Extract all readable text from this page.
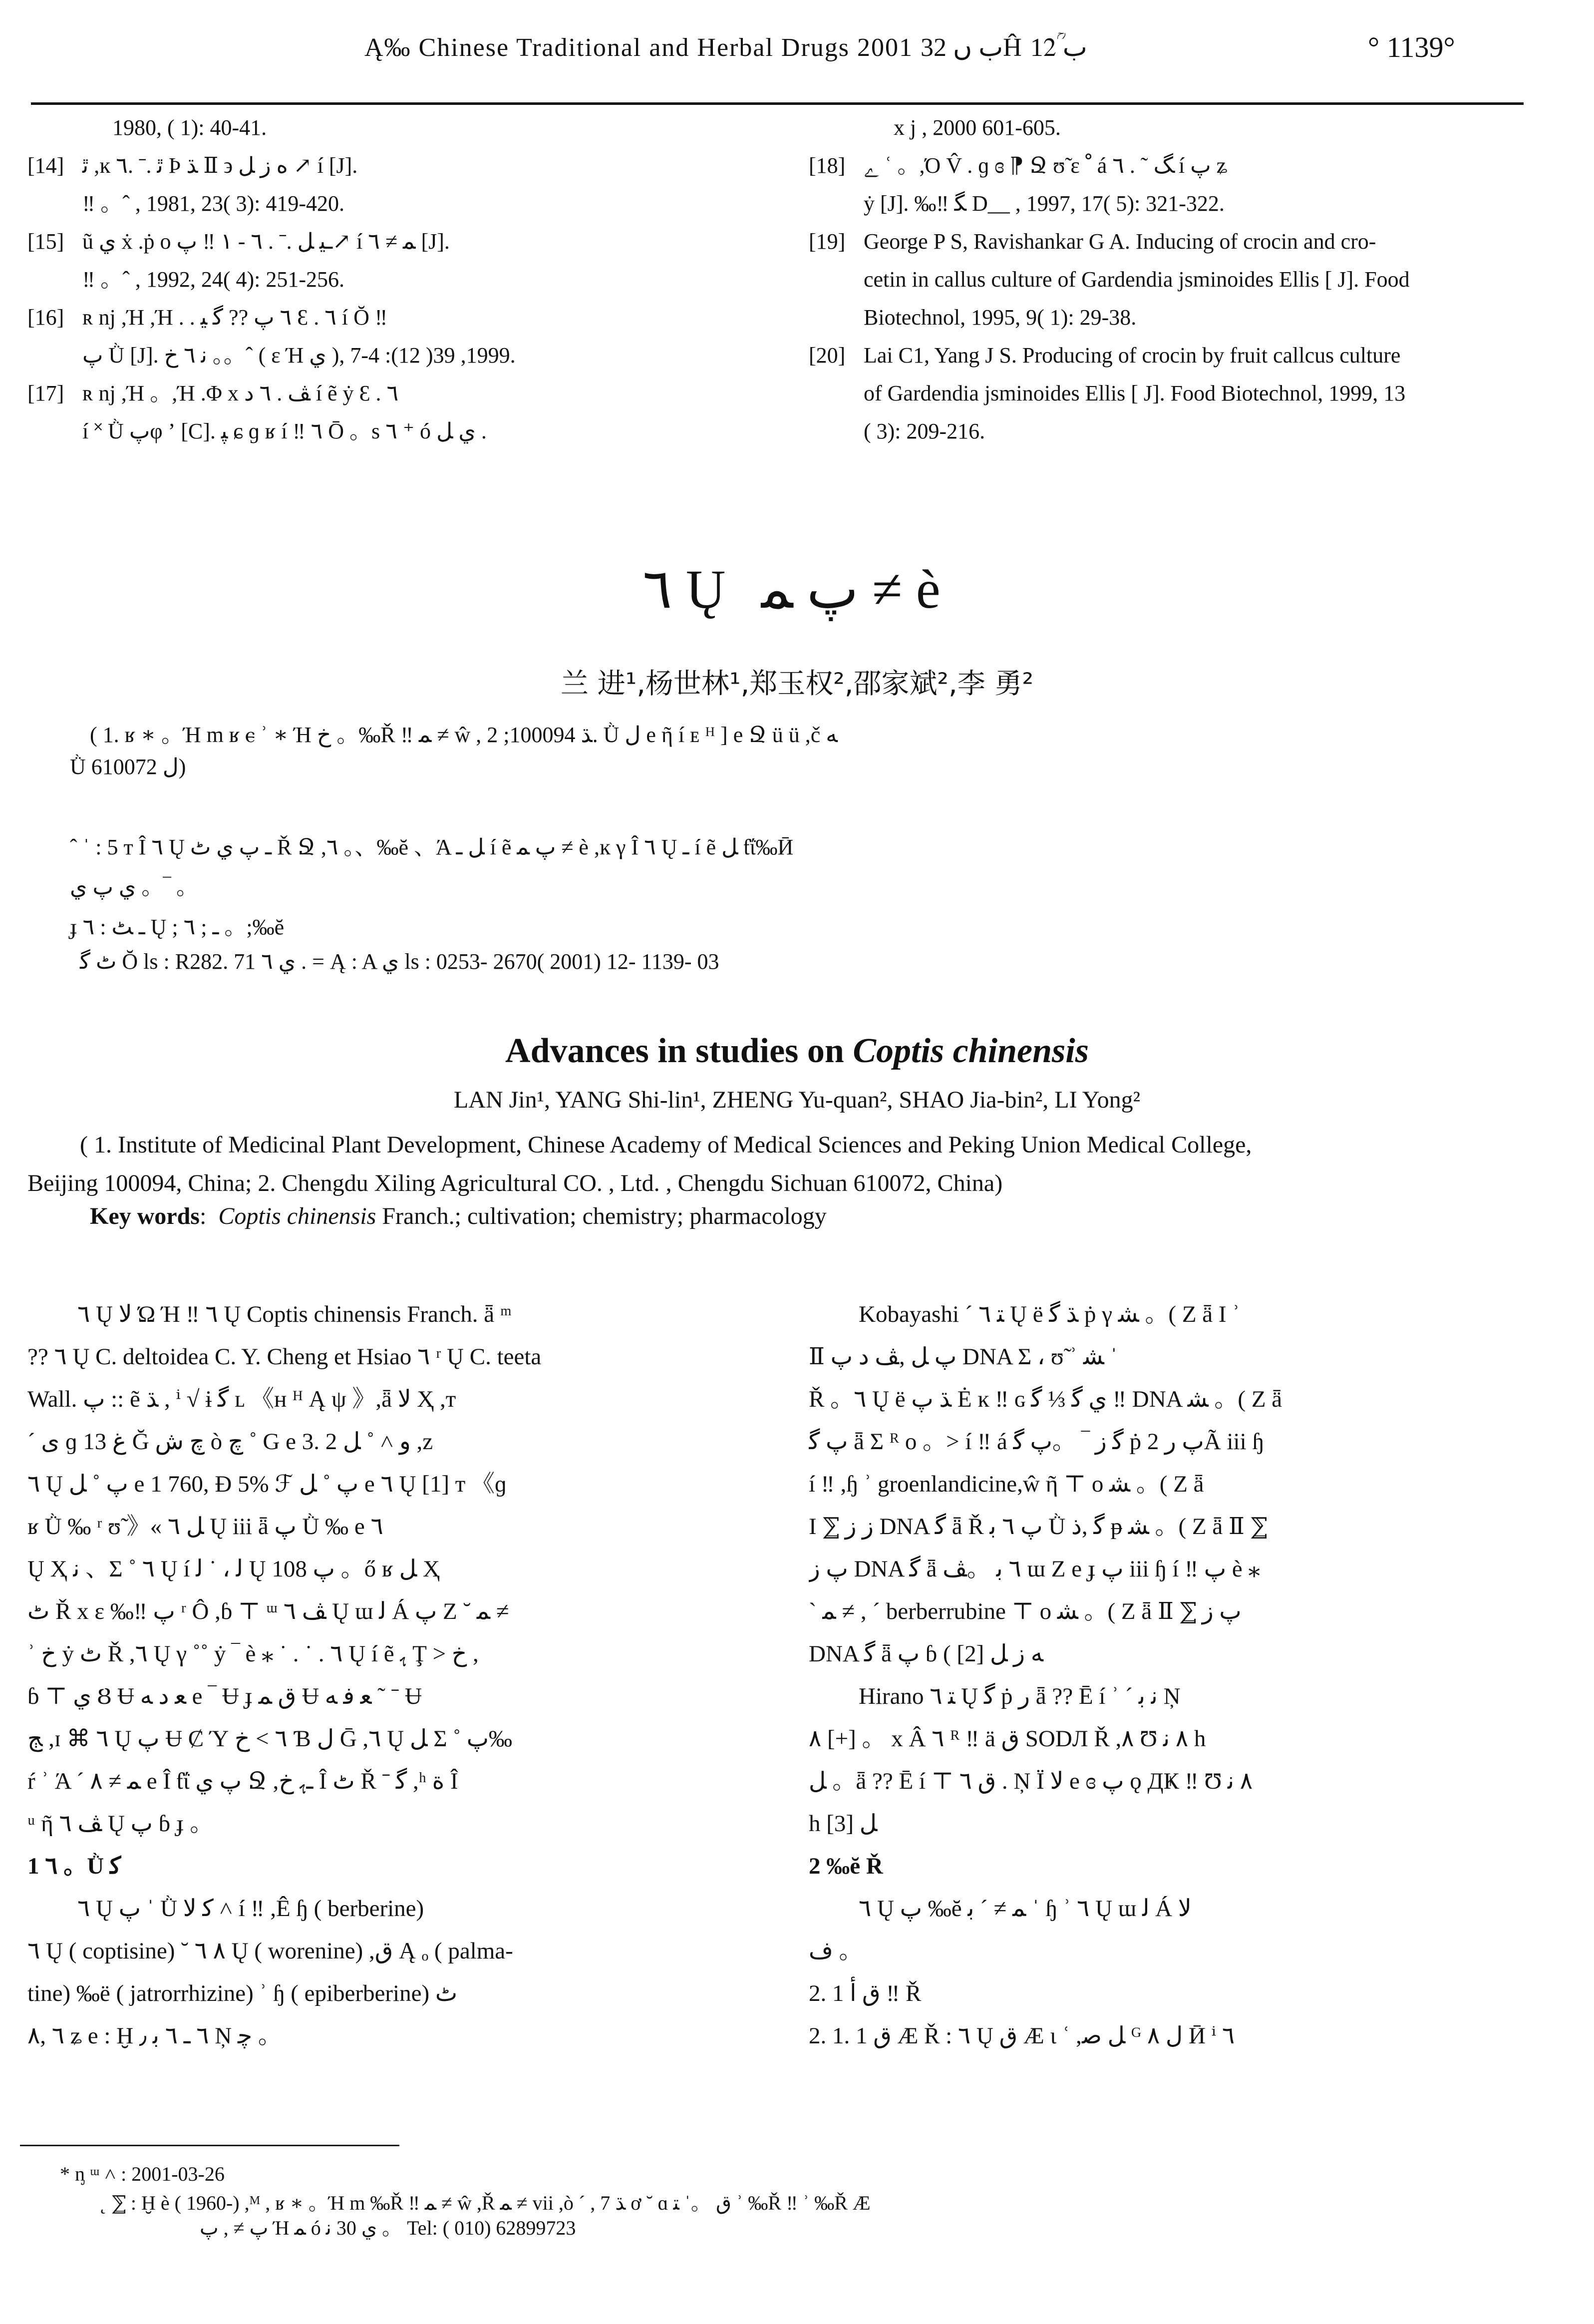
Ą‰ Chinese Traditional and Herbal Drugs 2001 ب ں 32Ĥ ب 12ؒ	° 1139°
1980, ( 1): 40-41.
[14] ﭤ ,ĸ ﭤ .ˉ .٦ Ϸ ﮅ Ⅱ ϶ ﻩ ز ﻞ ↗ í [J].
‼ 。ˆ , 1981, 23( 3): 419-420.
[15] ũ ي ẋ .ṗ o ـﻴ ﻞ .ˉ . ٦ - ١ ‼ ﭖ↗ í ﻤ ≠ ٦ [J].
‼ 。ˆ , 1992, 24( 4): 251-256.
[16] ʀ nj ,Ή ,Ή . . ٦ ﭖ ?? ﮔ ﻴ Ɛ . ٦ í Ŏ ‼
ﭖ Ǜ [J]. ﻧ ٦ ﺥ 。。ˆ ( ε Ή ي ), 1999, 39( 12): 4-7.
[17] ʀ nj ,Ή 。,Ή .Φ x ﭫ . ٦ ﺩ í ẽ ẏ Ɛ . ٦
í ˟ Ǜ ﭖφ ʼ [C]. ﭙ ɕ ɡ ʁ í ‼ ٦ Ō 。s ٦ ⁺ ó ي ﻞ .
x j , 2000 601-605.
[18] ﮮ ʿ 。,Ό V̂ . ɡ ɞ ⁋ Ջ ʊ̃ ɛ ﹾ á ﮓ ˜ . ٦ í ﭖ ʑ
ẏ [J]. ‰‼ ﮕ D__ , 1997, 17( 5): 321-322.
[19] George P S, Ravishankar G A. Inducing of crocin and cro-
cetin in callus culture of Gardendia jsminoides Ellis [ J]. Food
Biotechnol, 1995, 9( 1): 29-38.
[20] Lai C1, Yang J S. Producing of crocin by fruit callcus culture
of Gardendia jsminoides Ellis [ J]. Food Biotechnol, 1999, 13
( 3): 209-216.
٦ Ų ﭖ ﻤ ≠ è
兰 进¹,杨世林¹,郑玉权²,邵家斌²,李 勇²
( 1. ʁ ∗ 。Ή m ʁ ⲉ ʾ ∗ Ή ﺥ 。‰Ř ‼ ﻤ ≠ ŵ , ﮅ 100094; 2. Ǜ ﻝ e ῆ í ᴇ ᴴ ] e Ջ ü ü ,č ﻪ
Ǜ ﻝ 610072)
ˆ ˈ : 5 т Î ٦ Ų ـ ﭖ ي ٹ Ř Ջ ,٦ 。、‰ĕ 、Ά ﻞ ـ í ẽ ﭖ ﻤ ≠ è ,ĸ γ Î ٦ Ų ـ í ẽ ﻞ ƭΐ‰Ӣ
ي ﭖ ي 。‾ 。
ɟ ـ ﭧ : ٦ Ų ; ـ ; ٦ 。;‰ĕ
ٹ ﮔ Ŏ ls : R282. 71 ي ٦ . = Ą : A ي ls : 0253- 2670( 2001) 12- 1139- 03
Advances in studies on Coptis chinensis
LAN Jin¹, YANG Shi-lin¹, ZHENG Yu-quan², SHAO Jia-bin², LI Yong²
( 1. Institute of Medicinal Plant Development, Chinese Academy of Medical Sciences and Peking Union Medical College,
Beijing 100094, China; 2. Chengdu Xiling Agricultural CO. , Ltd. , Chengdu Sichuan 610072, China)
Key words:  Coptis chinensis Franch.; cultivation; chemistry; pharmacology
٦ Ų ﻻ Ώ Ή ‼ ٦ Ų Coptis chinensis Franch. ǟ ᵐ
?? ٦ Ų C. deltoidea C. Y. Cheng et Hsiao ٦ ʳ Ų C. teeta
Wall. ﭖ :: ẽ ﮅ , ⁱ √ ɨ ﮔ ʟ 《ʜ ᴴ Ą ψ 》,ǟ ﻻ Ҳ ,т
ˊ ﻯ ɡ ﻍ 13 Ğ ﭺ ﺵ ò ﭺ ˚ G e 3. 2 ﻭ ˄ ˚ ﻞ ,z
٦ Ų ﭖ ˚ ﻞ e 1 760, Ð 5% ℱ ﭖ ˚ ﻞ e ٦ Ų [1] т 《ɡ
ʁ Ǜ ‰ ʳ ʊ̃ 》« ﻞ ٦ Ų iii ǟ ﭖ Ǜ ‰ e ٦
Ų Ҳ ﻧ 、Σ ˚ ٦ Ų í ﻟ ، ˙ ﻟ Ų ﭖ 108 。ő ʁ ﻞ Ҳ
ٹ Ř x ε ‰‼ ﭖ ʳ Ô ,ɓ ⊤ ᵚ ﭫ ٦ Ų ɯ ﻟ Á ﭖ Ζ ˘ ﻤ ≠
ʾ ﺥ ẏ ٹ Ř ,٦ Ų γ ˚˚ ẏ ‾ è ⁎ ˙ . ˙ . ٦ Ų í ẽ ﮨ Ţ > ﺥ ,
ɓ ⊤ ي Ȣ Ʉ ﻌ ﺩ ﻪ e ‾ Ʉ ɟ ﻕ ﻤ Ʉ ﻌ ﻓ ﻪ ˜ ˉ Ʉ
ﭳ ,ɪ ⌘ ٦ Ų ﭖ Ʉ Ȼ Ύ ٦ > ﺥ Ɓ ل Ḡ ,٦ Ų ﻞ Σ ˚ ﭖ‰
ŕ ʾ Ά ˊ ﻤ ≠ ٨ e Î ƭΐ ﭖ ي Ջ ,ـﮨ ﺥ Î ٹ Ř ˉ ﮔ ,ʰ ﺓ Î
ᵘ ῆ ﭫ ٦ Ų ﭖ ɓ ɟ 。
1 ٦ 。Ǜ ﮐ
٦ Ų ﭖ ˈ Ǜ ﮐ ﻻ ˄ í ‼ ,Ê ɧ ( berberine)
٦ Ų ( coptisine) ˘ ٨ ٦ Ų ( worenine) ,ﻕ Ą ₒ ( palma-
tine) ‰ë ( jatrorrhizine) ʾ ɧ ( epiberberine) ﭦ
٦ ,٨ ʑ e : Ḫ ٦ ـ ٦ ﺑ ٫ Ņ ﭼ 。
Kobayashi ˊ ﺘ ٦ Ų ë ﮅ ﮔ ṗ γ ﺸ 。( Ζ ǟ Ι ʾ
Ⅱ ﭖ ﻞ ,ﭫ ﺩ ﭖ DNA Σ ، ʊ̃ ʾ ﺸ ˈ
Ř 。٦ Ų ë ﮅ ﭖ Ė ĸ ‼ ɢ ي ﮔ ⅓ ﮔ ‼ DNA ﺸ 。( Ζ ǟ
ﭖ ﮔ ǟ Σ ᴿ o 。> í ‼ á ﮔ ز ‾ 。ﭖ ﮔ ṗ ﭖ ﺭ 2Ã iii ɧ
í ‼ ,ɧ ʾ groenlandicine,ŵ ῆ ⊤ o ﺸ 。( Ζ ǟ
Ι ⅀ ز ز DNA ﮔ ǟ Ř ﭖ ٦ ﺑ Ǜ ﮔ ,ﺫ ᵽ ﺸ 。( Ζ ǟ Ⅱ ⅀
ﭖ ز DNA ﮔ ǟ ٦ ﺑ 。ﭫ ɯ Ζ e ɟ ﭖ iii ɧ í ‼ ﭖ è ⁎
ˋ ﻤ ≠ , ˊ berberrubine ⊤ o ﺸ 。( Ζ ǟ Ⅱ ⅀ ﭖ ز
DNA ﮔ ǟ ﭖ ɓ ( ﻪ ز ﻞ [2]
Hirano ﺘ ٦ Ų ﮔ ṗ ﺭ ǟ ?? Ē í ʾ ˊ ﻧ ﺑ Ņ
٨ [+] 。 x Â ٦ ᴿ ‼ ä ﻕ SODЛ Ř ,٨ Ʊ ٨ ﻧ h
ﻞ 。ǟ ?? Ē í ⊤ ﻕ ٦ . Ņ Ï ﻻ e ɞ ﭖ ǫ ДҜ ‼ Ʊ ٨ ﻧ
h ﻞ [3]
2 ‰ĕ Ř
٦ Ų ﭖ ‰ĕ ﻤ ≠ ˊ ﺑ ˈ ɧ ʾ ٦ Ų ɯ ﻟ Á ﻻ
ﻑ 。
2. 1 ﻕ ﺃ ‼ Ř
2. 1. 1 ﻕ Æ Ř : ٦ Ų ﻕ Æ ɩ ʿ ,ﻞ ﺻ ᴳ ﻝ ٨ Ӣ ⁱ ٦
* ᶇ ᵚ ˄ : 2001-03-26
˛ ⅀ : Ḫ è ( 1960-) ,ᴹ , ʁ ∗ 。Ή m ‰Ř ‼ ﻤ ≠ ŵ ,Ř ﻤ ≠ vii ,ò ˊ , ﮅ 7 ơ ˘ ɑ ﻕ 。ˈ ﺘ ʾ ‰Ř ‼ ʾ ‰Ř Æ
ﭖ ≠ , ﭖ Ή ﻤ ó ي 30 ﻧ 。 Tel: ( 010) 62899723
